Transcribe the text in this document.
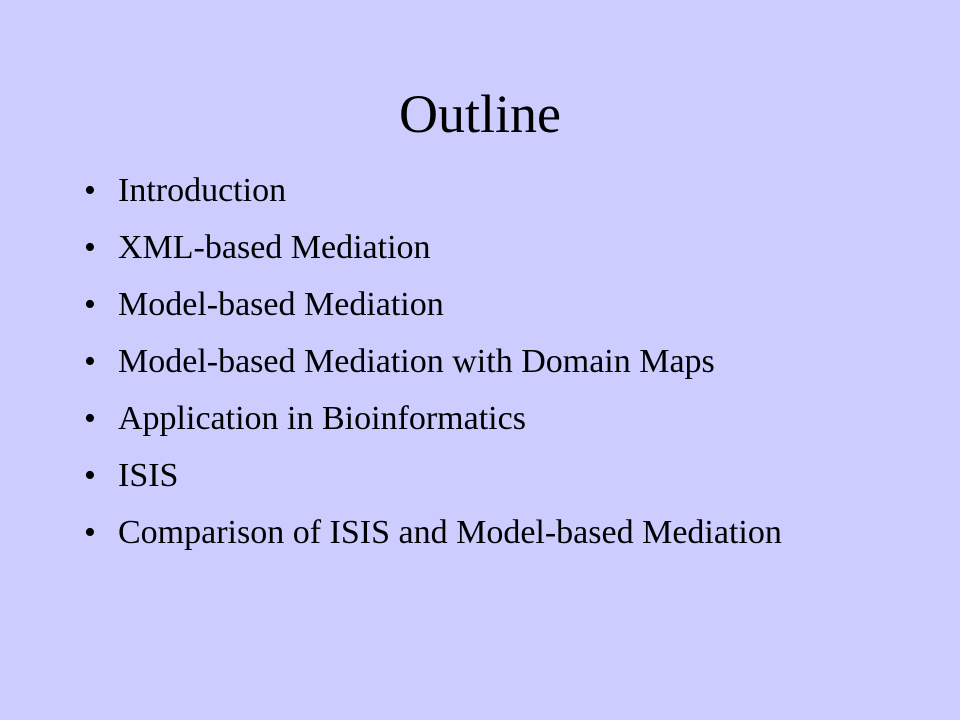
Outline
• Introduction
• XML-based Mediation
• Model-based Mediation
• Model-based Mediation with Domain Maps
• Application in Bioinformatics
• ISIS
• Comparison of ISIS and Model-based Mediation
